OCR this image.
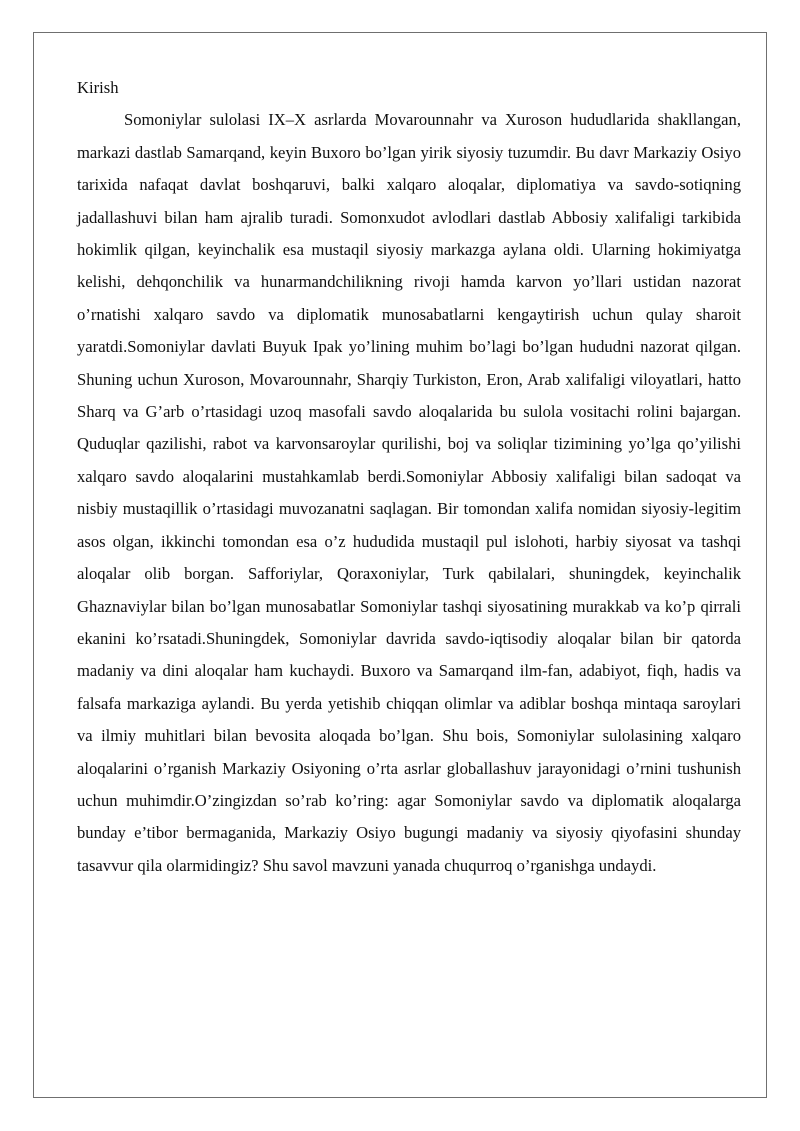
Kirish

Somoniylar sulolasi IX–X asrlarda Movarounnahr va Xuroson hududlarida shakllangan, markazi dastlab Samarqand, keyin Buxoro bo’lgan yirik siyosiy tuzumdir. Bu davr Markaziy Osiyo tarixida nafaqat davlat boshqaruvi, balki xalqaro aloqalar, diplomatiya va savdo-sotiqning jadallashuvi bilan ham ajralib turadi. Somonxudot avlodlari dastlab Abbosiy xalifaligi tarkibida hokimlik qilgan, keyinchalik esa mustaqil siyosiy markazga aylana oldi. Ularning hokimiyatga kelishi, dehqonchilik va hunarmandchilikning rivoji hamda karvon yo’llari ustidan nazorat o’rnatishi xalqaro savdo va diplomatik munosabatlarni kengaytirish uchun qulay sharoit yaratdi.Somoniylar davlati Buyuk Ipak yo’lining muhim bo’lagi bo’lgan hududni nazorat qilgan. Shuning uchun Xuroson, Movarounnahr, Sharqiy Turkiston, Eron, Arab xalifaligi viloyatlari, hatto Sharq va G’arb o’rtasidagi uzoq masofali savdo aloqalarida bu sulola vositachi rolini bajargan. Quduqlar qazilishi, rabot va karvonsaroylar qurilishi, boj va soliqlar tizimining yo’lga qo’yilishi xalqaro savdo aloqalarini mustahkamlab berdi.Somoniylar Abbosiy xalifaligi bilan sadoqat va nisbiy mustaqillik o’rtasidagi muvozanatni saqlagan. Bir tomondan xalifa nomidan siyosiy-legitim asos olgan, ikkinchi tomondan esa o’z hududida mustaqil pul islohoti, harbiy siyosat va tashqi aloqalar olib borgan. Safforiylar, Qoraxoniylar, Turk qabilalari, shuningdek, keyinchalik Ghaznaviylar bilan bo’lgan munosabatlar Somoniylar tashqi siyosatining murakkab va ko’p qirrali ekanini ko’rsatadi.Shuningdek, Somoniylar davrida savdo-iqtisodiy aloqalar bilan bir qatorda madaniy va dini aloqalar ham kuchaydi. Buxoro va Samarqand ilm-fan, adabiyot, fiqh, hadis va falsafa markaziga aylandi. Bu yerda yetishib chiqqan olimlar va adiblar boshqa mintaqa saroylari va ilmiy muhitlari bilan bevosita aloqada bo’lgan. Shu bois, Somoniylar sulolasining xalqaro aloqalarini o’rganish Markaziy Osiyoning o’rta asrlar globallashuv jarayonidagi o’rnini tushunish uchun muhimdir.O’zingizdan so’rab ko’ring: agar Somoniylar savdo va diplomatik aloqalarga bunday e’tibor bermaganida, Markaziy Osiyo bugungi madaniy va siyosiy qiyofasini shunday tasavvur qila olarmidingiz? Shu savol mavzuni yanada chuqurroq o’rganishga undaydi.
